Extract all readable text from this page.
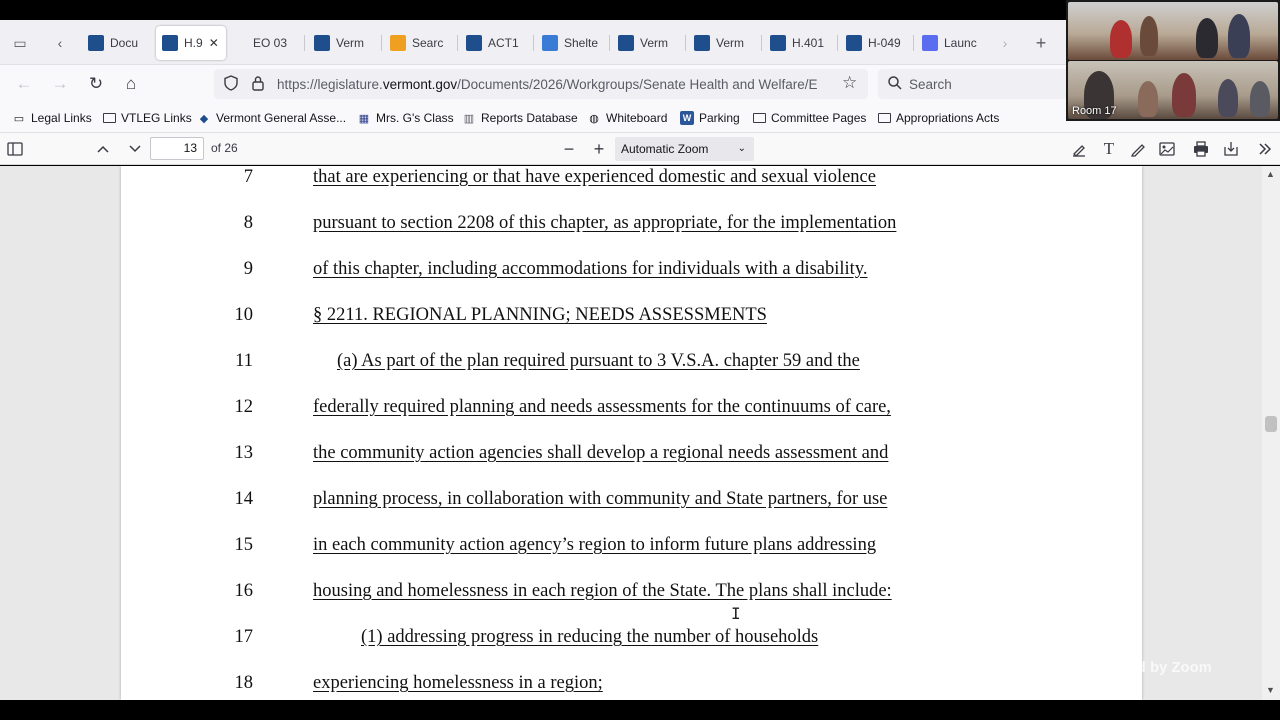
▭	‹	Docu	H.9 ✕	EO 03	Verm	Searc	ACT1	Shelte	Verm	Verm	H.401	H-049	Launc	›	+
← → ↻	⌂	https://legislature.vermont.gov/Documents/2026/Workgroups/Senate Health and Welfare/E	☆	Search
▭ Legal Links VTLEG Links ◆ Vermont General Asse... ▦ Mrs. G's Class ▥ Reports Database ◍ Whiteboard	W Parking	Committee Pages Appropriations Acts
13	of 26	−	+	Automatic Zoom	⌄	T
7	that are experiencing or that have experienced domestic and sexual violence
8	pursuant to section 2208 of this chapter, as appropriate, for the implementation
9	of this chapter, including accommodations for individuals with a disability.
10	§ 2211. REGIONAL PLANNING; NEEDS ASSESSMENTS
11	(a) As part of the plan required pursuant to 3 V.S.A. chapter 59 and the
12	federally required planning and needs assessments for the continuums of care,
13	the community action agencies shall develop a regional needs assessment and
14	planning process, in collaboration with community and State partners, for use
15	in each community action agency’s region to inform future plans addressing
16	housing and homelessness in each region of the State. The plans shall include:
17	(1) addressing progress in reducing the number of households
18	experiencing homelessness in a region;
▲
▼
I
Room 17
Powered by Zoom
